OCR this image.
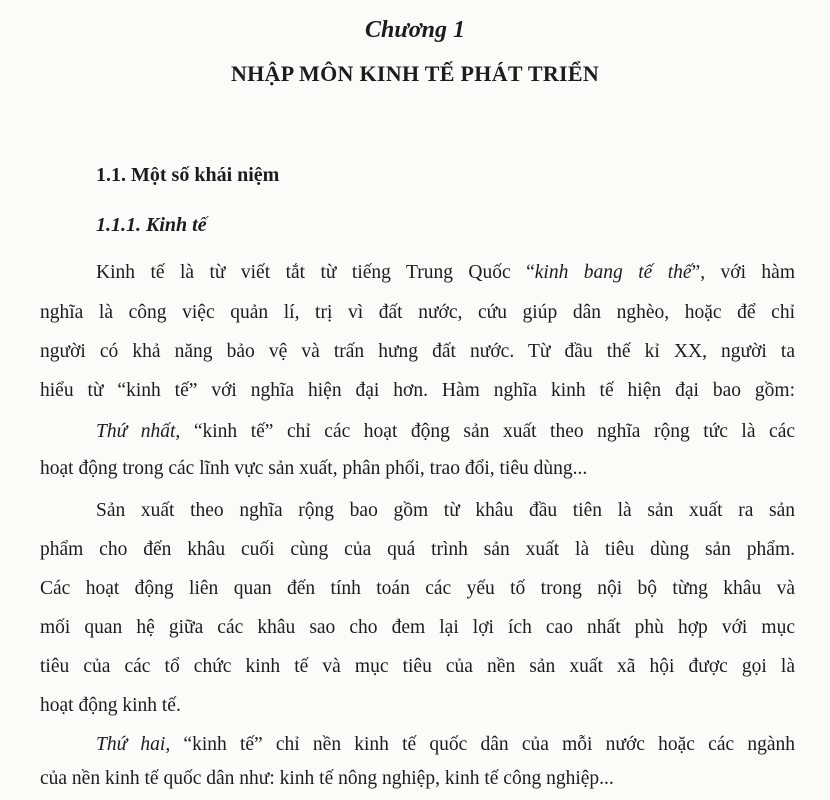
Chương 1
NHẬP MÔN KINH TẾ PHÁT TRIỂN
1.1. Một số khái niệm
1.1.1. Kinh tế
Kinh tế là từ viết tắt từ tiếng Trung Quốc “kinh bang tế thế”, với hàm
nghĩa là công việc quản lí, trị vì đất nước, cứu giúp dân nghèo, hoặc để chỉ
người có khả năng bảo vệ và trấn hưng đất nước. Từ đầu thế kỉ XX, người ta
hiểu từ “kinh tế” với nghĩa hiện đại hơn. Hàm nghĩa kinh tế hiện đại bao gồm:
Thứ nhất, “kinh tế” chỉ các hoạt động sản xuất theo nghĩa rộng tức là các
hoạt động trong các lĩnh vực sản xuất, phân phối, trao đổi, tiêu dùng...
Sản xuất theo nghĩa rộng bao gồm từ khâu đầu tiên là sản xuất ra sản
phẩm cho đến khâu cuối cùng của quá trình sản xuất là tiêu dùng sản phẩm.
Các hoạt động liên quan đến tính toán các yếu tố trong nội bộ từng khâu và
mối quan hệ giữa các khâu sao cho đem lại lợi ích cao nhất phù hợp với mục
tiêu của các tổ chức kinh tế và mục tiêu của nền sản xuất xã hội được gọi là
hoạt động kinh tế.
Thứ hai, “kinh tế” chỉ nền kinh tế quốc dân của mỗi nước hoặc các ngành
của nền kinh tế quốc dân như: kinh tế nông nghiệp, kinh tế công nghiệp...
